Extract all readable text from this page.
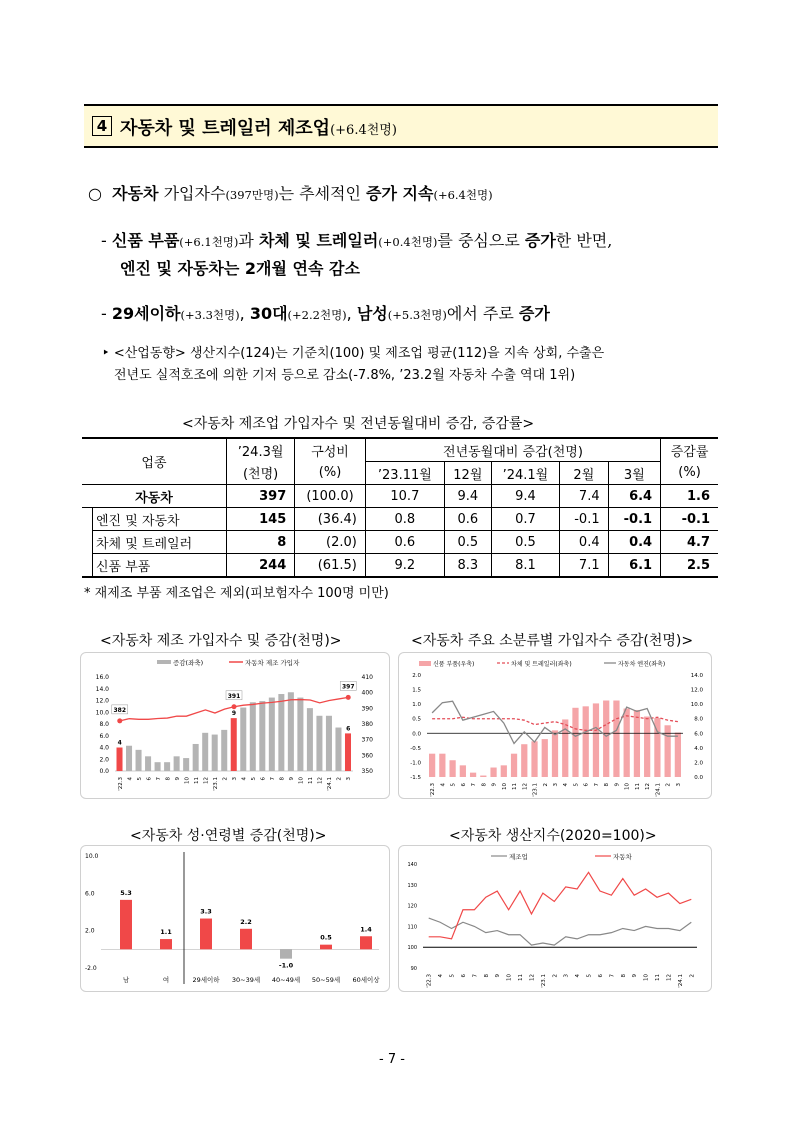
4 자동차 및 트레일러 제조업(+6.4천명)
○ 자동차 가입자수(397만명)는 추세적인 증가 지속(+6.4천명)
- 신품 부품(+6.1천명)과 차체 및 트레일러(+0.4천명)를 중심으로 증가한 반면,
엔진 및 자동차는 2개월 연속 감소
- 29세이하(+3.3천명), 30대(+2.2천명), 남성(+5.3천명)에서 주로 증가
‣ <산업동향> 생산지수(124)는 기준치(100) 및 제조업 평균(112)을 지속 상회, 수출은
전년도 실적호조에 의한 기저 등으로 감소(-7.8%, ’23.2월 자동차 수출 역대 1위)
<자동차 제조업 가입자수 및 전년동월대비 증감, 증감률>
업종		’24.3월	구성비	전년동월대비 증감(천명)					증감률
		(천명)	(%)	’23.11월	12월	’24.1월	2월	3월	(%)
자동차		397	(100.0)	10.7	9.4	9.4	7.4	6.4	1.6
	엔진 및 자동차	145	(36.4)	0.8	0.6	0.7	-0.1	-0.1	-0.1
	차체 및 트레일러	8	(2.0)	0.6	0.5	0.5	0.4	0.4	4.7
	신품 부품	244	(61.5)	9.2	8.3	8.1	7.1	6.1	2.5
* 재제조 부품 제조업은 제외(피보험자수 100명 미만)
<자동차 제조 가입자수 및 증감(천명)>	<자동차 주요 소분류별 가입자수 증감(천명)>
0.0
2.0
4.0
6.0
8.0
10.0
12.0
14.0
16.0
350
360
370
380
390
400
410
382
391
397
4
9
6
'22.3 4 5 6 7 8 9 10 11 12 '23.1 2 3 4 5 6 7 8 9 10 11 12 '24.1 2 3
증감(좌축)	자동차 제조 가입자
-1.5
-1.0
-0.5
0.0
0.5
1.0
1.5
2.0
0.0
2.0
4.0
6.0
8.0
10.0
12.0
14.0
'22.3 4 5 6 7 8 9 10 11 12 '23.1 2 3 4 5 6 7 8 9 10 11 12 '24.1 2 3
신품 부품(우축)	차체 및 트레일러(좌축)	자동차 엔진(좌축)
<자동차 성·연령별 증감(천명)>	<자동차 생산지수(2020=100)>
-2.0
2.0
6.0
10.0
5.3
남
1.1
여
3.3
29세이하
2.2
30~39세
-1.0
40~49세
0.5
50~59세
1.4
60세이상
90
100
110
120
130
140
'22.3 4 5 6 7 8 9 10 11 12 '23.1 2 3 4 5 6 7 8 9 10 11 12 '24.1 2
제조업	자동차
- 7 -
